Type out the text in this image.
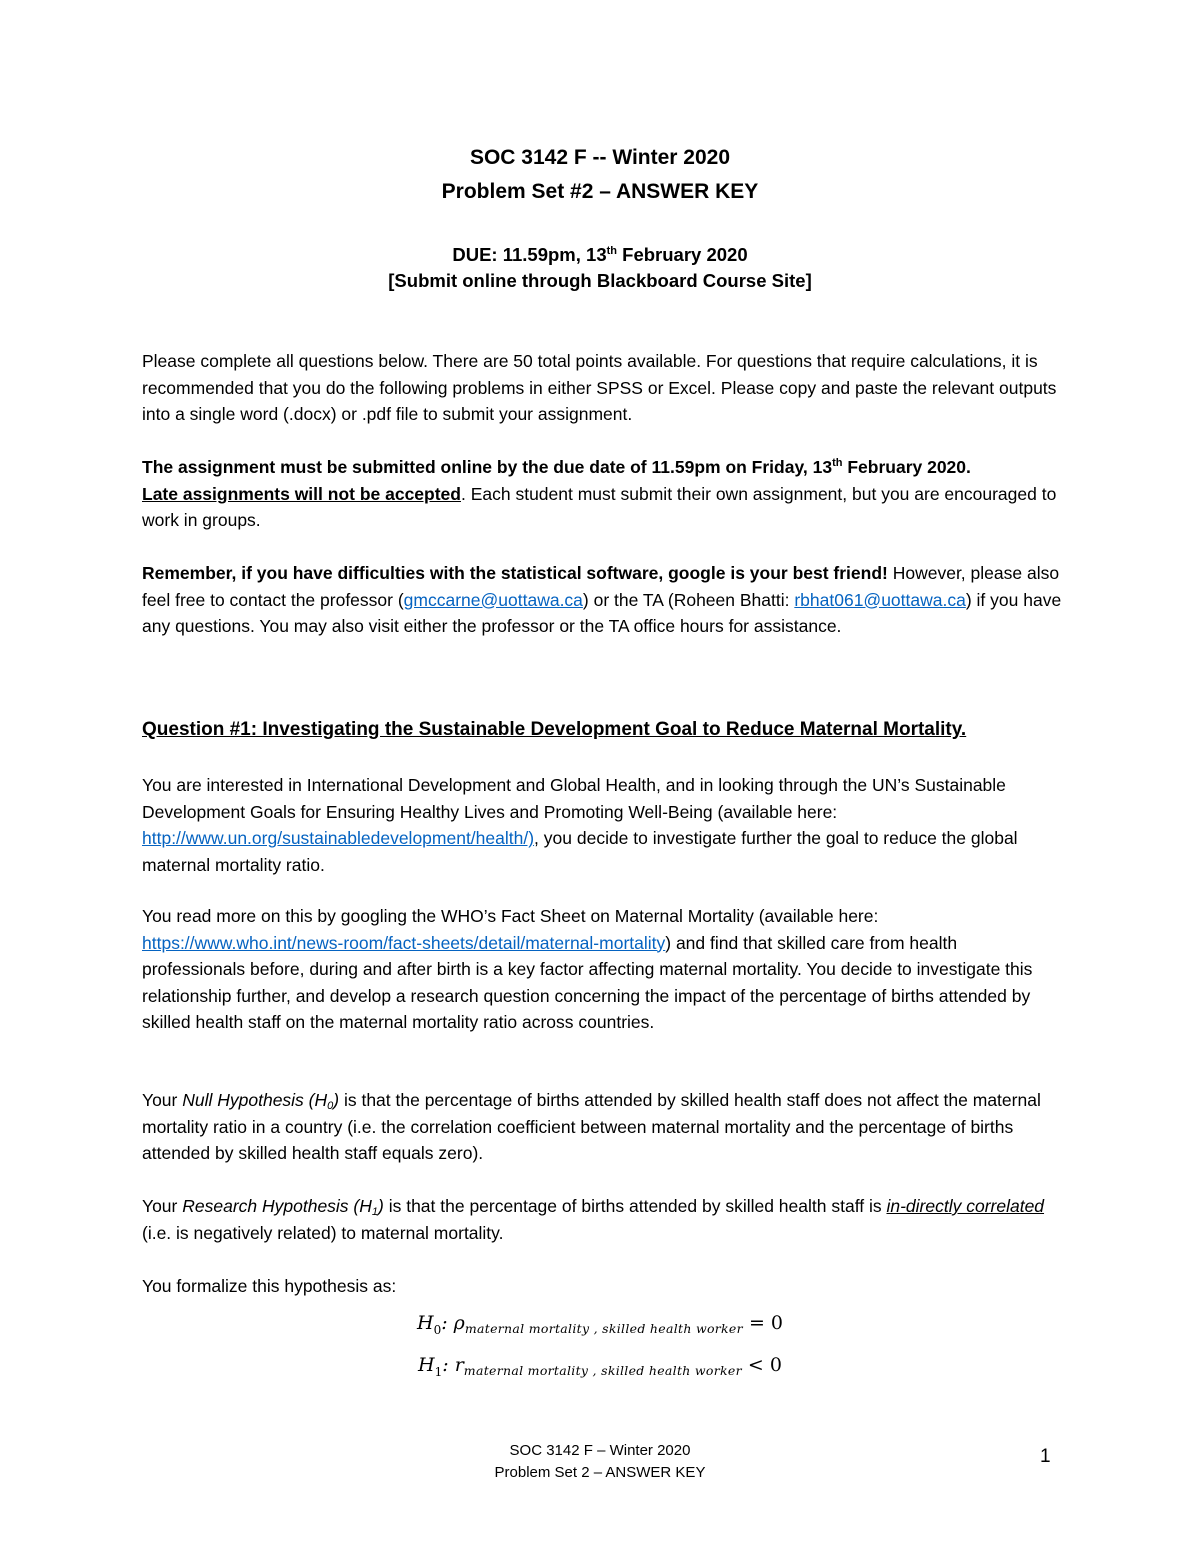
SOC 3142 F -- Winter 2020
Problem Set #2 – ANSWER KEY
DUE: 11.59pm, 13th February 2020
[Submit online through Blackboard Course Site]
Please complete all questions below. There are 50 total points available. For questions that require calculations, it is recommended that you do the following problems in either SPSS or Excel. Please copy and paste the relevant outputs into a single word (.docx) or .pdf file to submit your assignment.
The assignment must be submitted online by the due date of 11.59pm on Friday, 13th February 2020.
Late assignments will not be accepted. Each student must submit their own assignment, but you are encouraged to work in groups.
Remember, if you have difficulties with the statistical software, google is your best friend! However, please also feel free to contact the professor (gmccarne@uottawa.ca) or the TA (Roheen Bhatti: rbhat061@uottawa.ca) if you have any questions. You may also visit either the professor or the TA office hours for assistance.
Question #1: Investigating the Sustainable Development Goal to Reduce Maternal Mortality.
You are interested in International Development and Global Health, and in looking through the UN’s Sustainable Development Goals for Ensuring Healthy Lives and Promoting Well-Being (available here: http://www.un.org/sustainabledevelopment/health/), you decide to investigate further the goal to reduce the global maternal mortality ratio.
You read more on this by googling the WHO’s Fact Sheet on Maternal Mortality (available here: https://www.who.int/news-room/fact-sheets/detail/maternal-mortality) and find that skilled care from health professionals before, during and after birth is a key factor affecting maternal mortality. You decide to investigate this relationship further, and develop a research question concerning the impact of the percentage of births attended by skilled health staff on the maternal mortality ratio across countries.
Your Null Hypothesis $(H_0)$ is that the percentage of births attended by skilled health staff does not affect the maternal mortality ratio in a country (i.e. the correlation coefficient between maternal mortality and the percentage of births attended by skilled health staff equals zero).
Your Research Hypothesis $(H_1)$ is that the percentage of births attended by skilled health staff is in-directly correlated (i.e. is negatively related) to maternal mortality.
You formalize this hypothesis as:
$H_0$: $\rho_{maternal mortality , skilled health worker} = 0$
$H_1$: $r_{maternal mortality , skilled health worker} < 0$
SOC 3142 F – Winter 2020
Problem Set 2 – ANSWER KEY
1
